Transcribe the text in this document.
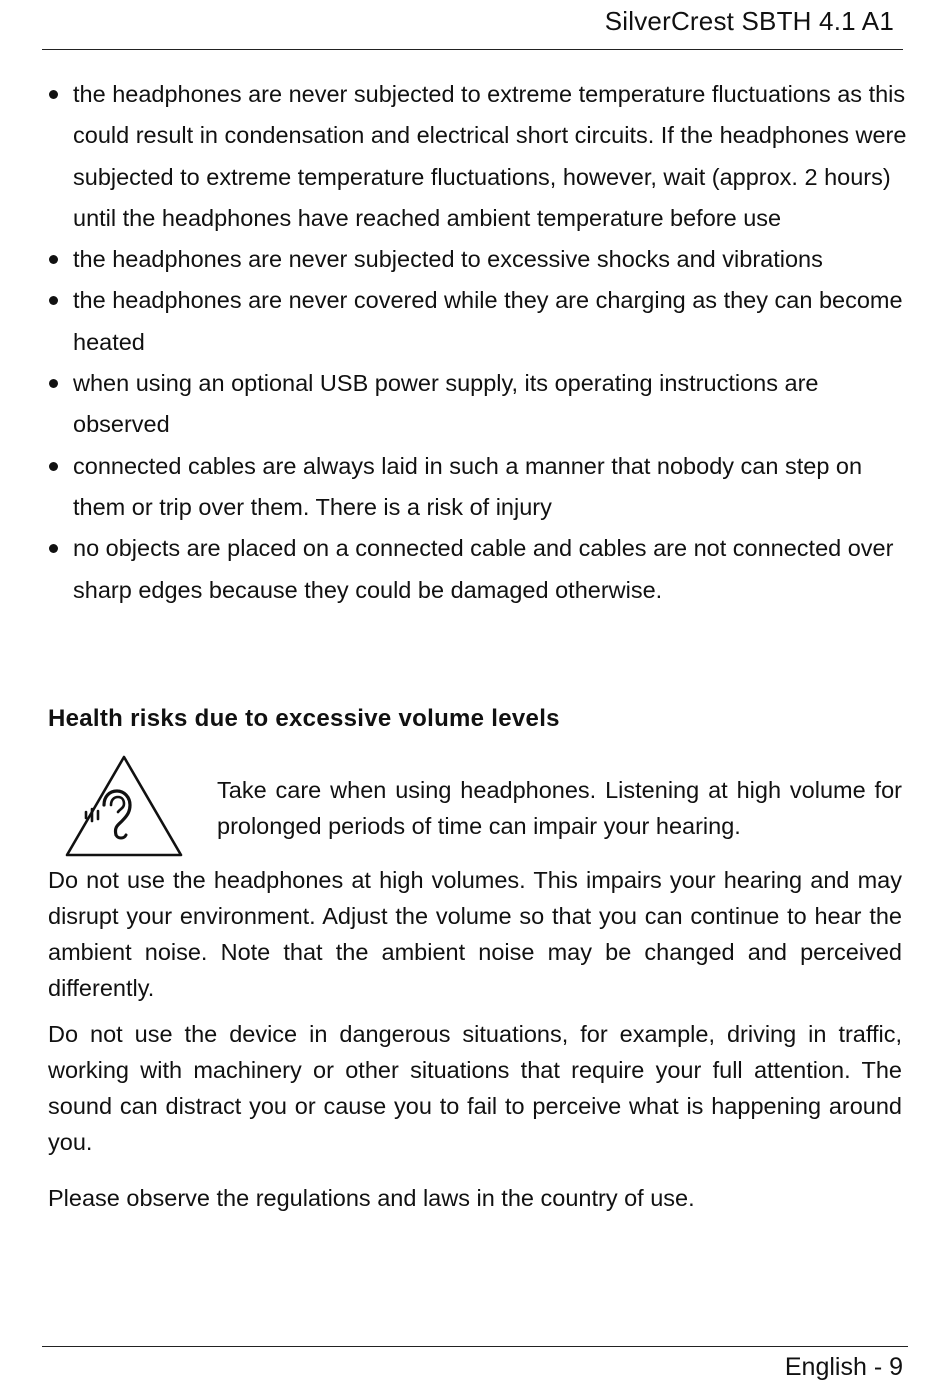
SilverCrest SBTH 4.1 A1
the headphones are never subjected to extreme temperature fluctuations as this could result in condensation and electrical short circuits. If the headphones were subjected to extreme temperature fluctuations, however, wait (approx. 2 hours) until the headphones have reached ambient temperature before use
the headphones are never subjected to excessive shocks and vibrations
the headphones are never covered while they are charging as they can become heated
when using an optional USB power supply, its operating instructions are observed
connected cables are always laid in such a manner that nobody can step on them or trip over them. There is a risk of injury
no objects are placed on a connected cable and cables are not connected over sharp edges because they could be damaged otherwise.
Health risks due to excessive volume levels

Take care when using headphones. Listening at high volume for prolonged periods of time can impair your hearing.

Do not use the headphones at high volumes. This impairs your hearing and may disrupt your environment. Adjust the volume so that you can continue to hear the ambient noise. Note that the ambient noise may be changed and perceived differently.

Do not use the device in dangerous situations, for example, driving in traffic, working with machinery or other situations that require your full attention. The sound can distract you or cause you to fail to perceive what is happening around you.

Please observe the regulations and laws in the country of use.

English - 9
